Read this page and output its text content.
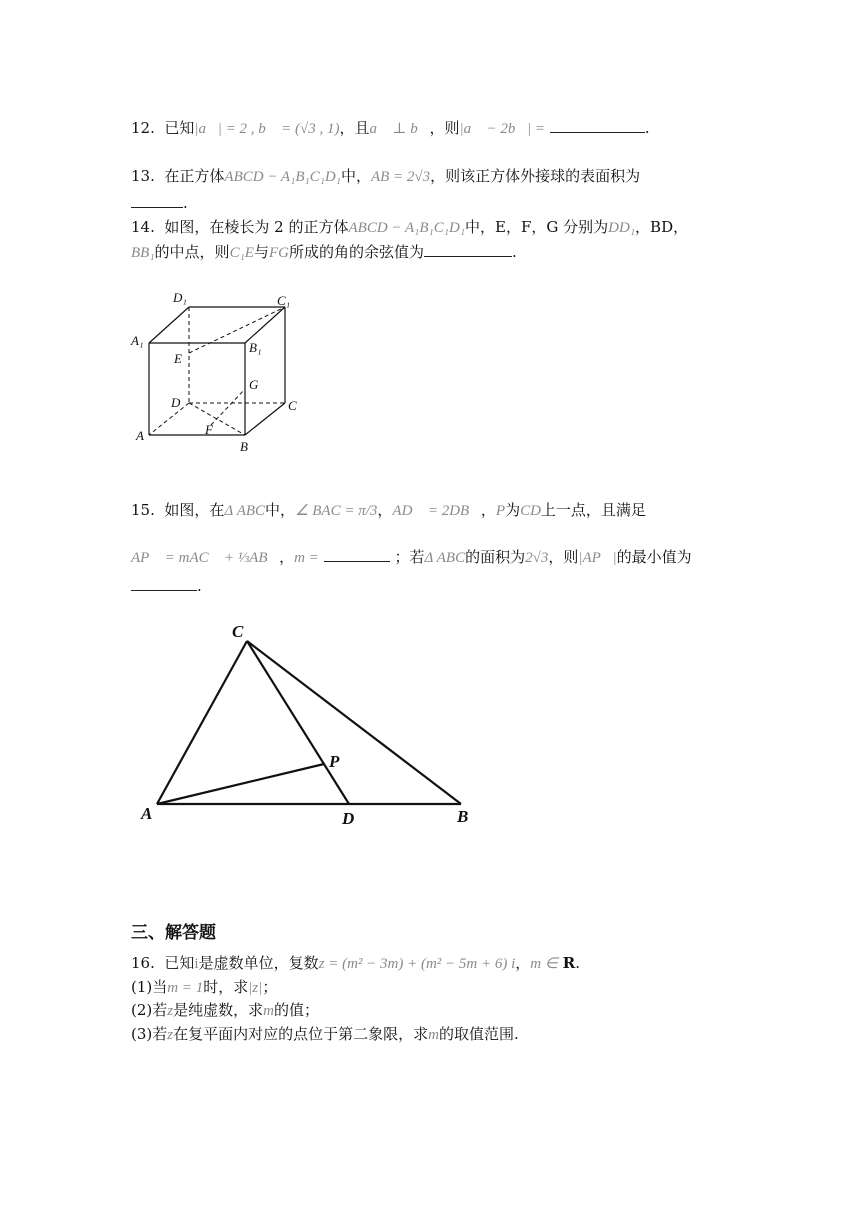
12. 已知|a⃗| = 2 , b⃗ = (√3 , 1)，且a⃗ ⊥ b⃗，则|a⃗ − 2b⃗| =	.
13. 在正方体ABCD − A₁B₁C₁D₁中，AB = 2√3，则该正方体外接球的表面积为
.
14. 如图，在棱长为 2 的正方体ABCD − A₁B₁C₁D₁中，E，F，G 分别为DD₁，BD，
BB₁的中点，则C₁E与FG所成的角的余弦值为	.
D₁	C₁
A₁	B₁
E
G
D	C
A	F
B
15. 如图，在Δ ABC中，∠ BAC = π/3，AD⃗ = 2DB⃗，P为CD上一点，且满足
AP⃗ = mAC⃗ + ⅓AB⃗，m =	；若Δ ABC的面积为2√3，则|AP⃗|的最小值为
.
C
P
A	D	B
三、解答题
16. 已知i是虚数单位，复数z = (m² − 3m) + (m² − 5m + 6) i，m ∈ R.
(1)当m = 1时，求|z|；
(2)若z是纯虚数，求m的值；
(3)若z在复平面内对应的点位于第二象限，求m的取值范围.
